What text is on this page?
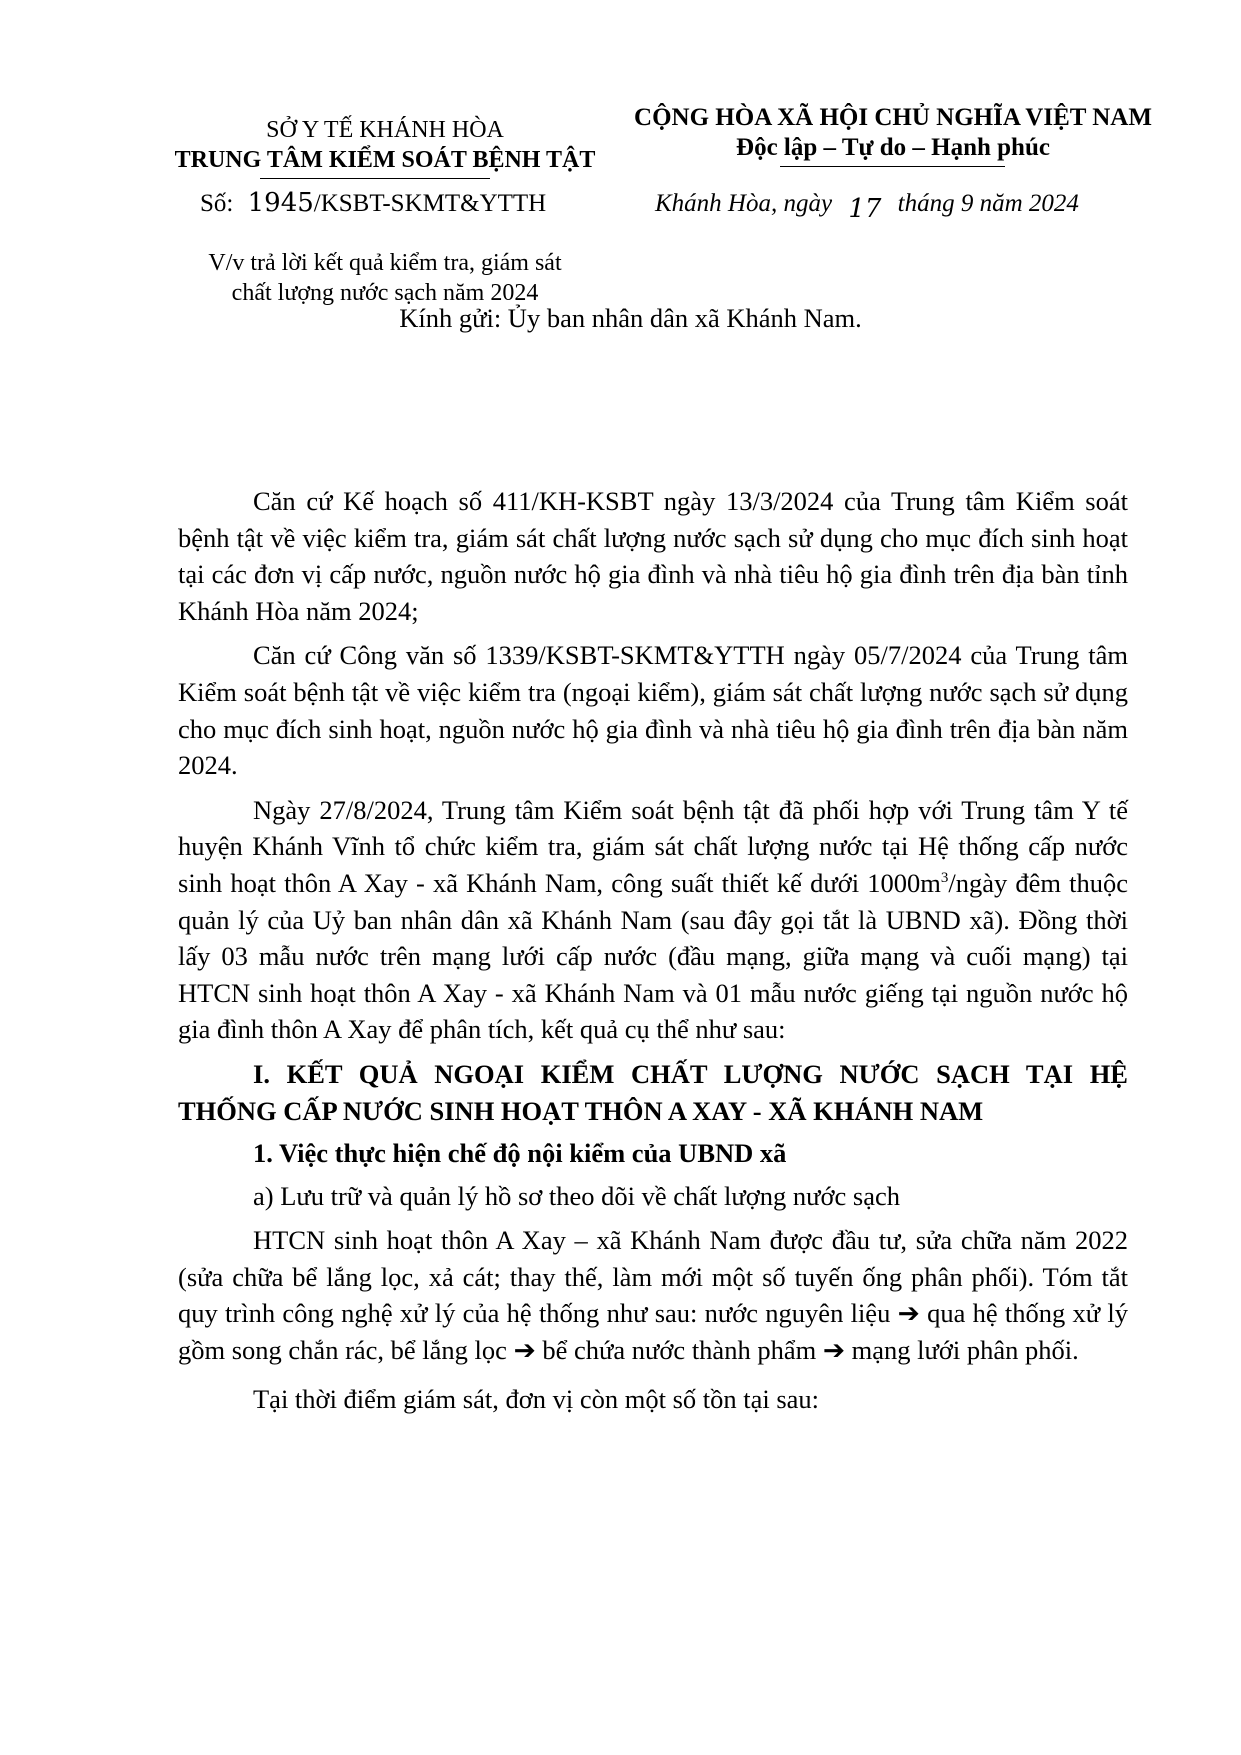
SỞ Y TẾ KHÁNH HÒA
TRUNG TÂM KIỂM SOÁT BỆNH TẬT
Số: 1945/KSBT-SKMT&YTTH
V/v trả lời kết quả kiểm tra, giám sát
chất lượng nước sạch năm 2024
CỘNG HÒA XÃ HỘI CHỦ NGHĨA VIỆT NAM
Độc lập – Tự do – Hạnh phúc
Khánh Hòa, ngày 17 tháng 9 năm 2024
Kính gửi: Ủy ban nhân dân xã Khánh Nam.

Căn cứ Kế hoạch số 411/KH-KSBT ngày 13/3/2024 của Trung tâm Kiểm soát bệnh tật về việc kiểm tra, giám sát chất lượng nước sạch sử dụng cho mục đích sinh hoạt tại các đơn vị cấp nước, nguồn nước hộ gia đình và nhà tiêu hộ gia đình trên địa bàn tỉnh Khánh Hòa năm 2024;

Căn cứ Công văn số 1339/KSBT-SKMT&YTTH ngày 05/7/2024 của Trung tâm Kiểm soát bệnh tật về việc kiểm tra (ngoại kiểm), giám sát chất lượng nước sạch sử dụng cho mục đích sinh hoạt, nguồn nước hộ gia đình và nhà tiêu hộ gia đình trên địa bàn năm 2024.

Ngày 27/8/2024, Trung tâm Kiểm soát bệnh tật đã phối hợp với Trung tâm Y tế huyện Khánh Vĩnh tổ chức kiểm tra, giám sát chất lượng nước tại Hệ thống cấp nước sinh hoạt thôn A Xay - xã Khánh Nam, công suất thiết kế dưới $1000m^3$/ngày đêm thuộc quản lý của Uỷ ban nhân dân xã Khánh Nam (sau đây gọi tắt là UBND xã). Đồng thời lấy 03 mẫu nước trên mạng lưới cấp nước (đầu mạng, giữa mạng và cuối mạng) tại HTCN sinh hoạt thôn A Xay - xã Khánh Nam và 01 mẫu nước giếng tại nguồn nước hộ gia đình thôn A Xay để phân tích, kết quả cụ thể như sau:

I. KẾT QUẢ NGOẠI KIỂM CHẤT LƯỢNG NƯỚC SẠCH TẠI HỆ THỐNG CẤP NƯỚC SINH HOẠT THÔN A XAY - XÃ KHÁNH NAM

1. Việc thực hiện chế độ nội kiểm của UBND xã

a) Lưu trữ và quản lý hồ sơ theo dõi về chất lượng nước sạch

HTCN sinh hoạt thôn A Xay – xã Khánh Nam được đầu tư, sửa chữa năm 2022 (sửa chữa bể lắng lọc, xả cát; thay thế, làm mới một số tuyến ống phân phối). Tóm tắt quy trình công nghệ xử lý của hệ thống như sau: nước nguyên liệu ➔ qua hệ thống xử lý gồm song chắn rác, bể lắng lọc ➔ bể chứa nước thành phẩm ➔ mạng lưới phân phối.

Tại thời điểm giám sát, đơn vị còn một số tồn tại sau:
